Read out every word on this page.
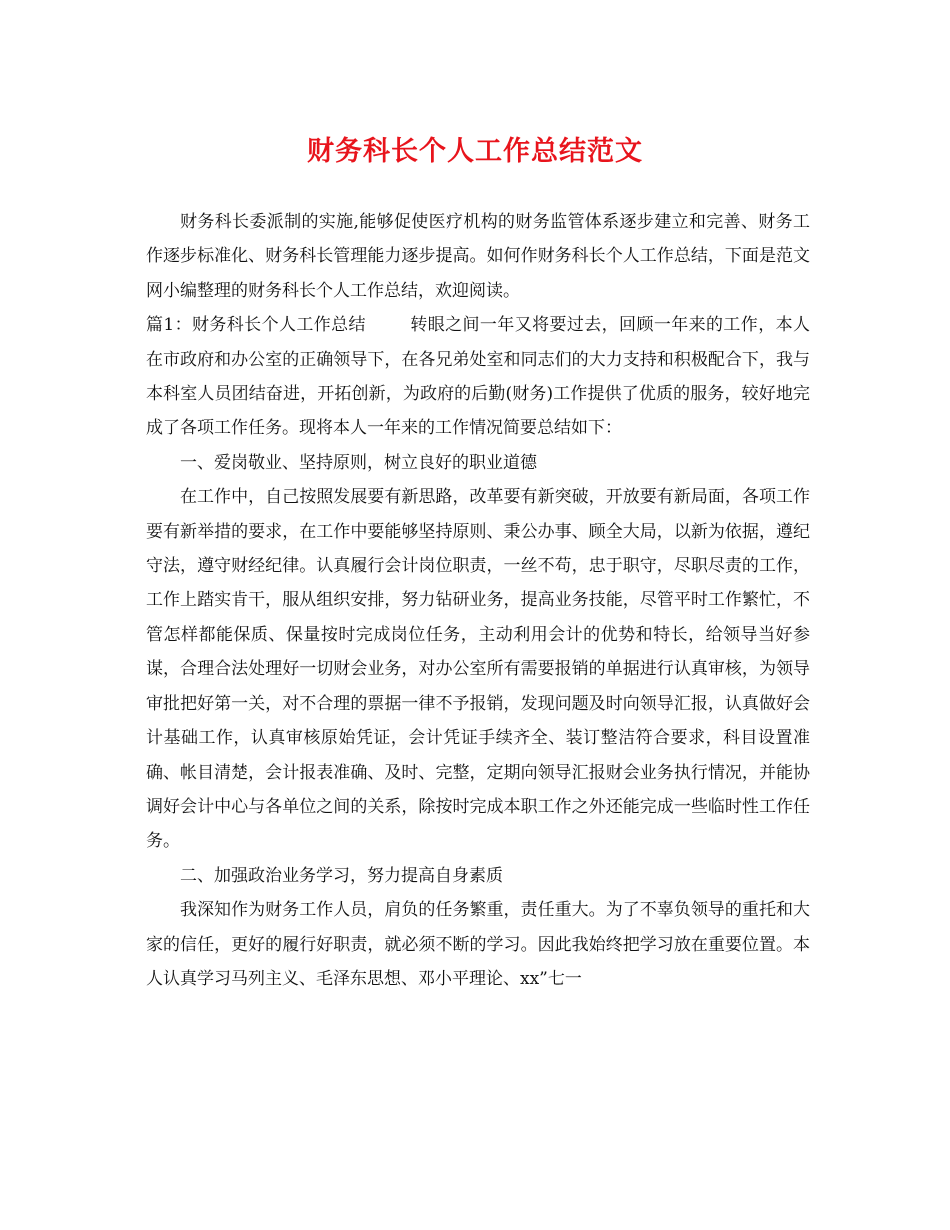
财务科长个人工作总结范文

财务科长委派制的实施,能够促使医疗机构的财务监管体系逐步建立和完善、财务工作逐步标准化、财务科长管理能力逐步提高。如何作财务科长个人工作总结，下面是范文网小编整理的财务科长个人工作总结，欢迎阅读。

篇1：财务科长个人工作总结	转眼之间一年又将要过去，回顾一年来的工作，本人在市政府和办公室的正确领导下，在各兄弟处室和同志们的大力支持和积极配合下，我与本科室人员团结奋进，开拓创新，为政府的后勤(财务)工作提供了优质的服务，较好地完成了各项工作任务。现将本人一年来的工作情况简要总结如下：

一、爱岗敬业、坚持原则，树立良好的职业道德

在工作中，自己按照发展要有新思路，改革要有新突破，开放要有新局面，各项工作要有新举措的要求，在工作中要能够坚持原则、秉公办事、顾全大局，以新为依据，遵纪守法，遵守财经纪律。认真履行会计岗位职责，一丝不苟，忠于职守，尽职尽责的工作，工作上踏实肯干，服从组织安排，努力钻研业务，提高业务技能，尽管平时工作繁忙，不管怎样都能保质、保量按时完成岗位任务，主动利用会计的优势和特长，给领导当好参谋，合理合法处理好一切财会业务，对办公室所有需要报销的单据进行认真审核，为领导审批把好第一关，对不合理的票据一律不予报销，发现问题及时向领导汇报，认真做好会计基础工作，认真审核原始凭证，会计凭证手续齐全、装订整洁符合要求，科目设置准确、帐目清楚，会计报表准确、及时、完整，定期向领导汇报财会业务执行情况，并能协调好会计中心与各单位之间的关系，除按时完成本职工作之外还能完成一些临时性工作任务。

二、加强政治业务学习，努力提高自身素质

我深知作为财务工作人员，肩负的任务繁重，责任重大。为了不辜负领导的重托和大家的信任，更好的履行好职责，就必须不断的学习。因此我始终把学习放在重要位置。本人认真学习马列主义、毛泽东思想、邓小平理论、xx”七一
